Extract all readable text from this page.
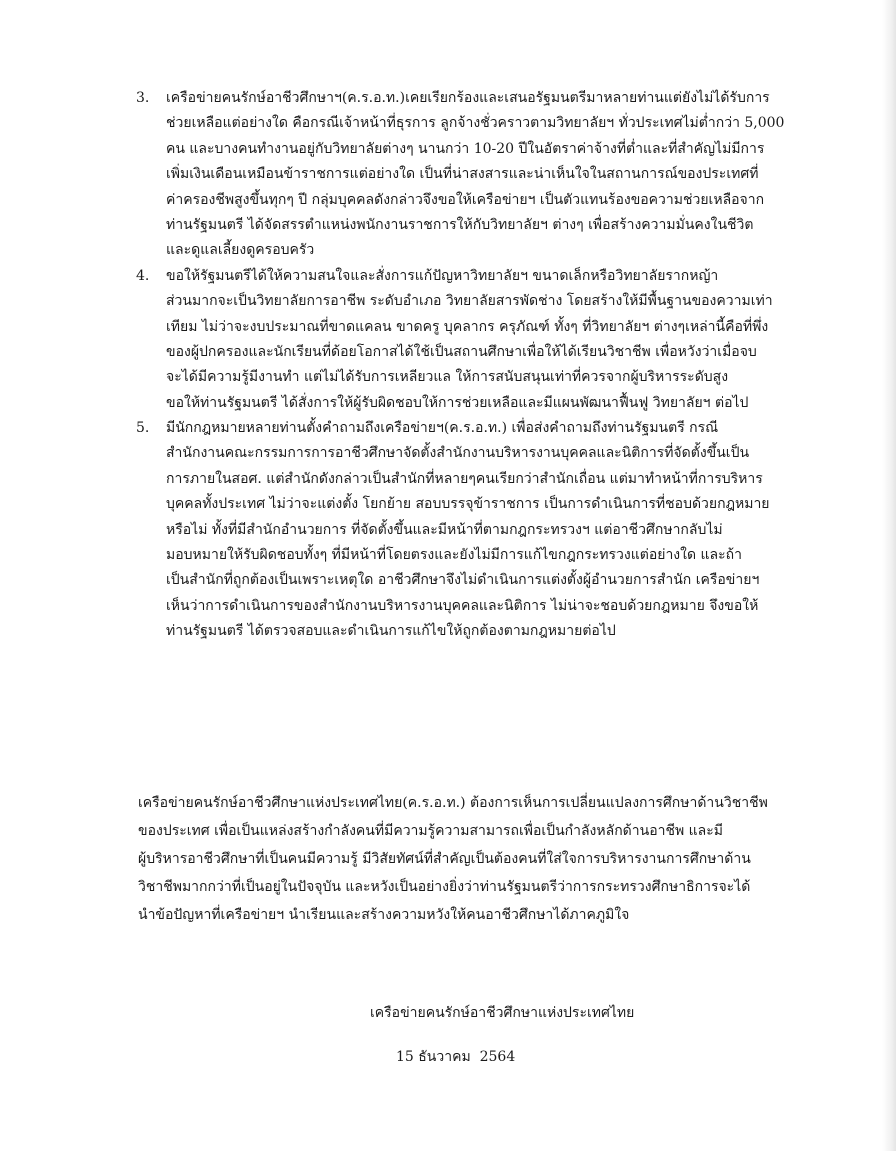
3. เครือข่ายคนรักษ์อาชีวศึกษาฯ(ค.ร.อ.ท.)เคยเรียกร้องและเสนอรัฐมนตรีมาหลายท่านแต่ยังไม่ได้รับการ
ช่วยเหลือแต่อย่างใด คือกรณีเจ้าหน้าที่ธุรการ ลูกจ้างชั่วคราวตามวิทยาลัยฯ ทั่วประเทศไม่ต่ำกว่า 5,000
คน และบางคนทำงานอยู่กับวิทยาลัยต่างๆ นานกว่า 10-20 ปีในอัตราค่าจ้างที่ต่ำและที่สำคัญไม่มีการ
เพิ่มเงินเดือนเหมือนข้าราชการแต่อย่างใด เป็นที่น่าสงสารและน่าเห็นใจในสถานการณ์ของประเทศที่
ค่าครองชีพสูงขึ้นทุกๆ ปี กลุ่มบุคคลดังกล่าวจึงขอให้เครือข่ายฯ เป็นตัวแทนร้องขอความช่วยเหลือจาก
ท่านรัฐมนตรี ได้จัดสรรตำแหน่งพนักงานราชการให้กับวิทยาลัยฯ ต่างๆ เพื่อสร้างความมั่นคงในชีวิต
และดูแลเลี้ยงดูครอบครัว
4. ขอให้รัฐมนตรีได้ให้ความสนใจและสั่งการแก้ปัญหาวิทยาลัยฯ ขนาดเล็กหรือวิทยาลัยรากหญ้า
ส่วนมากจะเป็นวิทยาลัยการอาชีพ ระดับอำเภอ วิทยาลัยสารพัดช่าง โดยสร้างให้มีพื้นฐานของความเท่า
เทียม ไม่ว่าจะงบประมาณที่ขาดแคลน ขาดครู บุคลากร ครุภัณฑ์ ทั้งๆ ที่วิทยาลัยฯ ต่างๆเหล่านี้คือที่พึ่ง
ของผู้ปกครองและนักเรียนที่ด้อยโอกาสได้ใช้เป็นสถานศึกษาเพื่อให้ได้เรียนวิชาชีพ เพื่อหวังว่าเมื่อจบ
จะได้มีความรู้มีงานทำ แต่ไม่ได้รับการเหลียวแล ให้การสนับสนุนเท่าที่ควรจากผู้บริหารระดับสูง
ขอให้ท่านรัฐมนตรี ได้สั่งการให้ผู้รับผิดชอบให้การช่วยเหลือและมีแผนพัฒนาฟื้นฟู วิทยาลัยฯ ต่อไป
5. มีนักกฎหมายหลายท่านตั้งคำถามถึงเครือข่ายฯ(ค.ร.อ.ท.) เพื่อส่งคำถามถึงท่านรัฐมนตรี กรณี
สำนักงานคณะกรรมการการอาชีวศึกษาจัดตั้งสำนักงานบริหารงานบุคคลและนิติการที่จัดตั้งขึ้นเป็น
การภายในสอศ. แต่สำนักดังกล่าวเป็นสำนักที่หลายๆคนเรียกว่าสำนักเถื่อน แต่มาทำหน้าที่การบริหาร
บุคคลทั้งประเทศ ไม่ว่าจะแต่งตั้ง โยกย้าย สอบบรรจุข้าราชการ เป็นการดำเนินการที่ชอบด้วยกฎหมาย
หรือไม่ ทั้งที่มีสำนักอำนวยการ ที่จัดตั้งขึ้นและมีหน้าที่ตามกฎกระทรวงฯ แต่อาชีวศึกษากลับไม่
มอบหมายให้รับผิดชอบทั้งๆ ที่มีหน้าที่โดยตรงและยังไม่มีการแก้ไขกฎกระทรวงแต่อย่างใด และถ้า
เป็นสำนักที่ถูกต้องเป็นเพราะเหตุใด อาชีวศึกษาจึงไม่ดำเนินการแต่งตั้งผู้อำนวยการสำนัก เครือข่ายฯ
เห็นว่าการดำเนินการของสำนักงานบริหารงานบุคคลและนิติการ ไม่น่าจะชอบด้วยกฎหมาย จึงขอให้
ท่านรัฐมนตรี ได้ตรวจสอบและดำเนินการแก้ไขให้ถูกต้องตามกฎหมายต่อไป
เครือข่ายคนรักษ์อาชีวศึกษาแห่งประเทศไทย(ค.ร.อ.ท.) ต้องการเห็นการเปลี่ยนแปลงการศึกษาด้านวิชาชีพ
ของประเทศ เพื่อเป็นแหล่งสร้างกำลังคนที่มีความรู้ความสามารถเพื่อเป็นกำลังหลักด้านอาชีพ และมี
ผู้บริหารอาชีวศึกษาที่เป็นคนมีความรู้ มีวิสัยทัศน์ที่สำคัญเป็นต้องคนที่ใส่ใจการบริหารงานการศึกษาด้าน
วิชาชีพมากกว่าที่เป็นอยู่ในปัจจุบัน และหวังเป็นอย่างยิ่งว่าท่านรัฐมนตรีว่าการกระทรวงศึกษาธิการจะได้
นำข้อปัญหาที่เครือข่ายฯ นำเรียนและสร้างความหวังให้คนอาชีวศึกษาได้ภาคภูมิใจ
เครือข่ายคนรักษ์อาชีวศึกษาแห่งประเทศไทย
15 ธันวาคม  2564
